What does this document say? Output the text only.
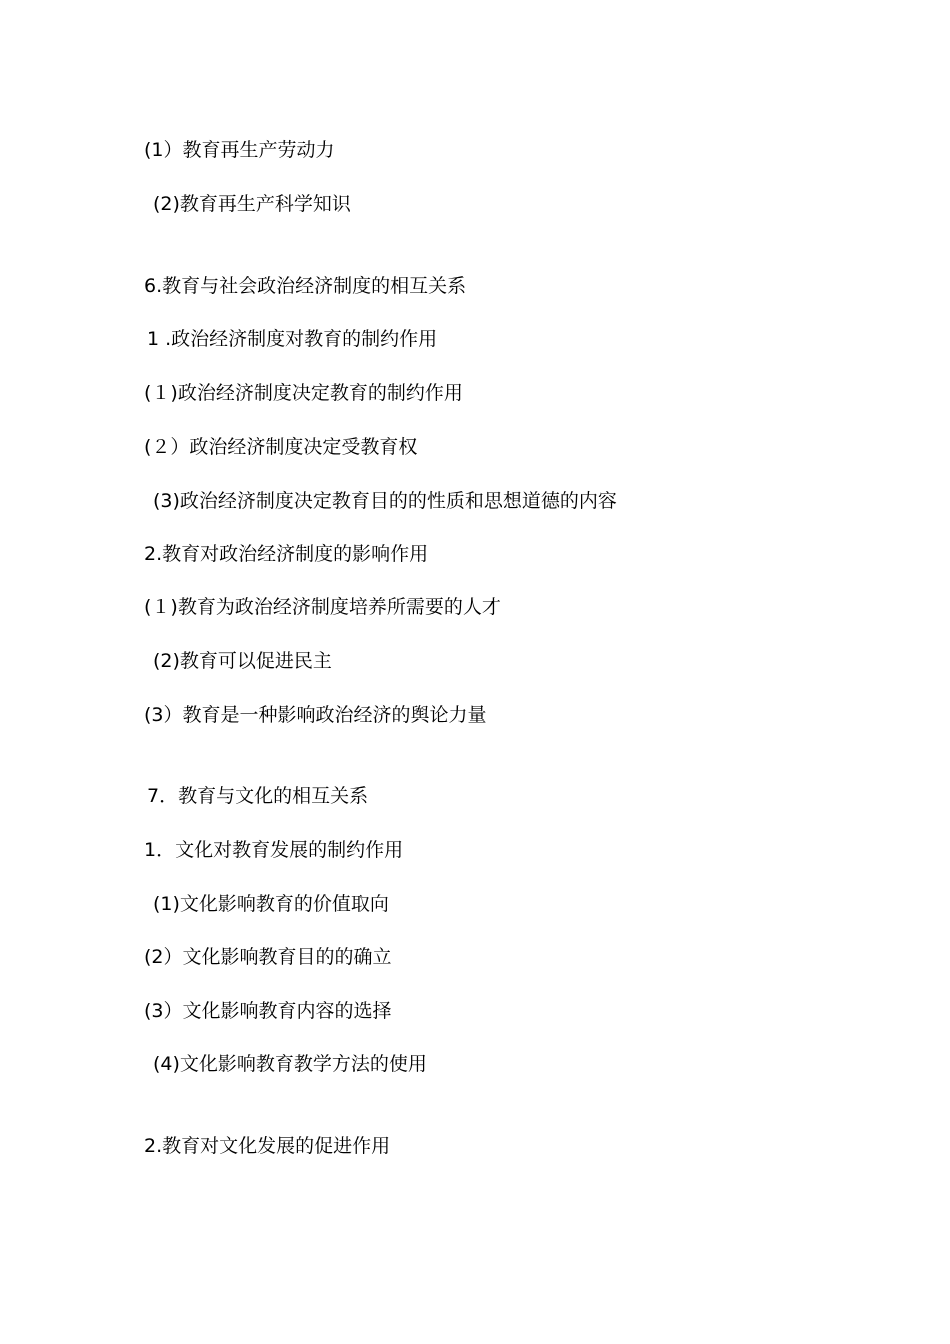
(1）教育再生产劳动力
(2)教育再生产科学知识
6.教育与社会政治经济制度的相互关系
1 .政治经济制度对教育的制约作用
(１)政治经济制度决定教育的制约作用
(２）政治经济制度决定受教育权
(3)政治经济制度决定教育目的的性质和思想道德的内容
2.教育对政治经济制度的影响作用
(１)教育为政治经济制度培养所需要的人才
(2)教育可以促进民主
(3）教育是一种影响政治经济的舆论力量
7．教育与文化的相互关系
1．文化对教育发展的制约作用
(1)文化影响教育的价值取向
(2）文化影响教育目的的确立
(3）文化影响教育内容的选择
(4)文化影响教育教学方法的使用
2.教育对文化发展的促进作用
